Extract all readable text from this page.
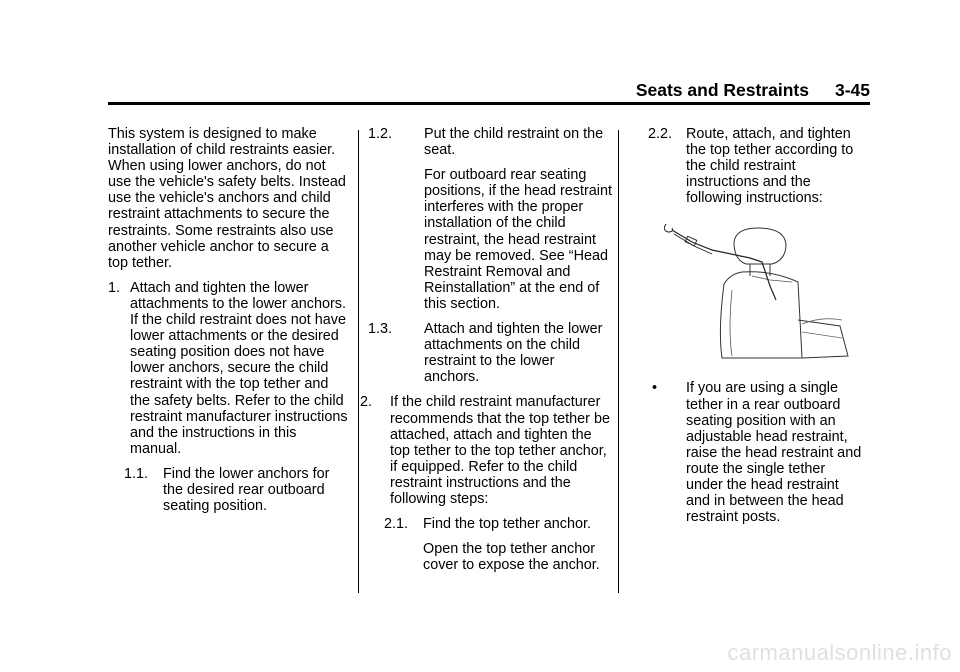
Seats and Restraints 3-45

This system is designed to make installation of child restraints easier. When using lower anchors, do not use the vehicle's safety belts. Instead use the vehicle's anchors and child restraint attachments to secure the restraints. Some restraints also use another vehicle anchor to secure a top tether.

1. Attach and tighten the lower attachments to the lower anchors. If the child restraint does not have lower attachments or the desired seating position does not have lower anchors, secure the child restraint with the top tether and the safety belts. Refer to the child restraint manufacturer instructions and the instructions in this manual.
1.1. Find the lower anchors for the desired rear outboard seating position.
1.2. Put the child restraint on the seat.

For outboard rear seating positions, if the head restraint interferes with the proper installation of the child restraint, the head restraint may be removed. See “Head Restraint Removal and Reinstallation” at the end of this section.

1.3. Attach and tighten the lower attachments on the child restraint to the lower anchors.
2. If the child restraint manufacturer recommends that the top tether be attached, attach and tighten the top tether to the top tether anchor, if equipped. Refer to the child restraint instructions and the following steps:
2.1. Find the top tether anchor.

Open the top tether anchor cover to expose the anchor.

2.2. Route, attach, and tighten the top tether according to the child restraint instructions and the following instructions:
• If you are using a single tether in a rear outboard seating position with an adjustable head restraint, raise the head restraint and route the single tether under the head restraint and in between the head restraint posts.
carmanualsonline.info
